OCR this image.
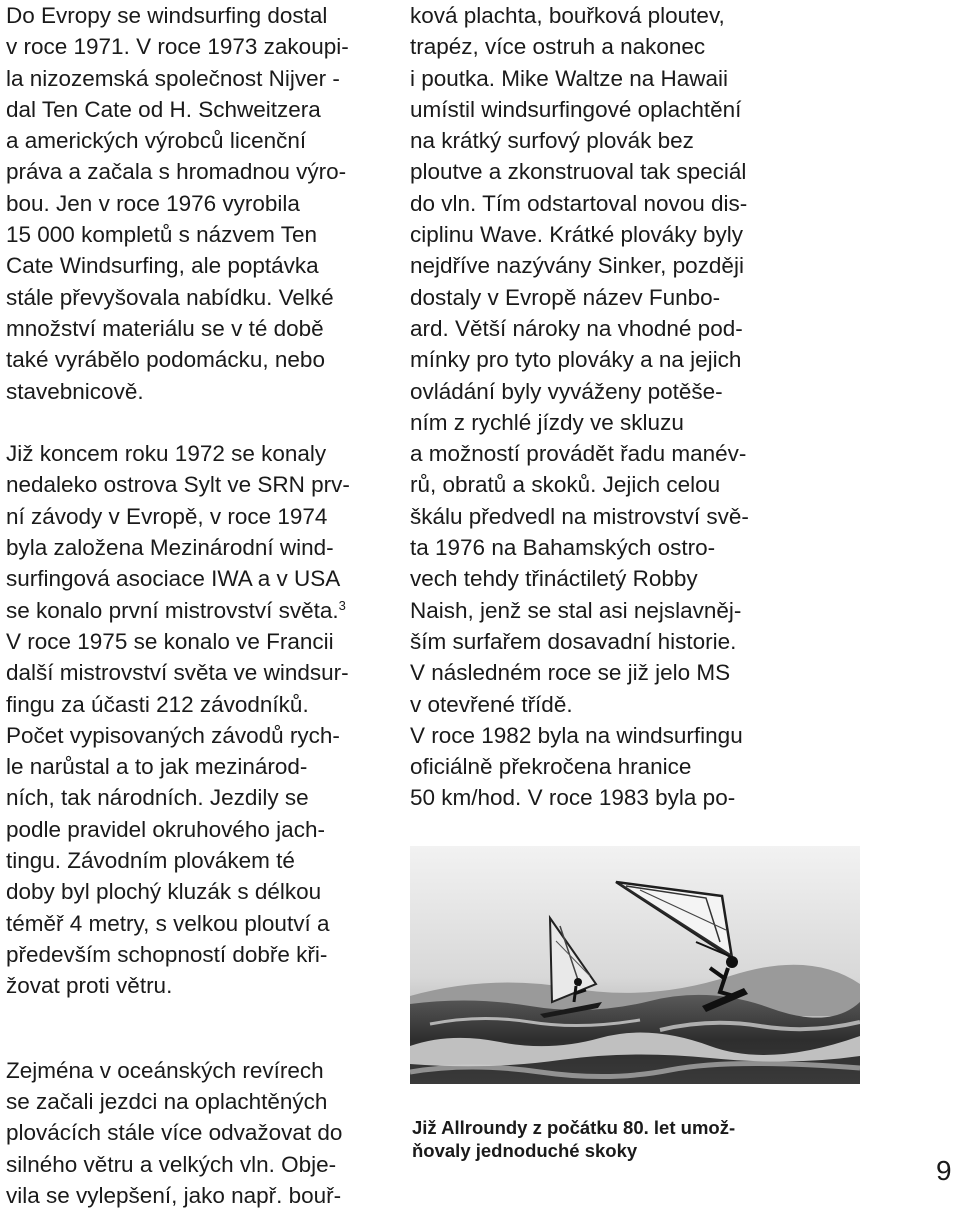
Do Evropy se windsurfing dostal
v roce 1971. V roce 1973 zakoupi-
la nizozemská společnost Nijver -
dal Ten Cate od H. Schweitzera
a amerických výrobců licenční
práva a začala s hromadnou výro-
bou. Jen v roce 1976 vyrobila
15 000 kompletů s názvem Ten
Cate Windsurfing, ale poptávka
stále převyšovala nabídku. Velké
množství materiálu se v té době
také vyrábělo podomácku, nebo
stavebnicově.
Již koncem roku 1972 se konaly
nedaleko ostrova Sylt ve SRN prv-
ní závody v Evropě, v roce 1974
byla založena Mezinárodní wind-
surfingová asociace IWA a v USA
se konalo první mistrovství světa.$^3$
V roce 1975 se konalo ve Francii
další mistrovství světa ve windsur-
fingu za účasti 212 závodníků.
Počet vypisovaných závodů rych-
le narůstal a to jak mezinárod-
ních, tak národních. Jezdily se
podle pravidel okruhového jach-
tingu. Závodním plovákem té
doby byl plochý kluzák s délkou
téměř 4 metry, s velkou ploutví a
především schopností dobře kři-
žovat proti větru.
Zejména v oceánských revírech
se začali jezdci na oplachtěných
plovácích stále více odvažovat do
silného větru a velkých vln. Obje-
vila se vylepšení, jako např. bouř-
ková plachta, bouřková ploutev,
trapéz, více ostruh a nakonec
i poutka. Mike Waltze na Hawaii
umístil windsurfingové oplachtění
na krátký surfový plovák bez
ploutve a zkonstruoval tak speciál
do vln. Tím odstartoval novou dis-
ciplinu Wave. Krátké plováky byly
nejdříve nazývány Sinker, později
dostaly v Evropě název Funbo-
ard. Větší nároky na vhodné pod-
mínky pro tyto plováky a na jejich
ovládání byly vyváženy potěše-
ním z rychlé jízdy ve skluzu
a možností provádět řadu manév-
rů, obratů a skoků. Jejich celou
škálu předvedl na mistrovství svě-
ta 1976 na Bahamských ostro-
vech tehdy třináctiletý Robby
Naish, jenž se stal asi nejslavněj-
ším surfařem dosavadní historie.
V následném roce se již jelo MS
v otevřené třídě.
V roce 1982 byla na windsurfingu
oficiálně překročena hranice
50 km/hod. V roce 1983 byla po-
Již Allroundy z počátku 80. let umož-
ňovaly jednoduché skoky
9
